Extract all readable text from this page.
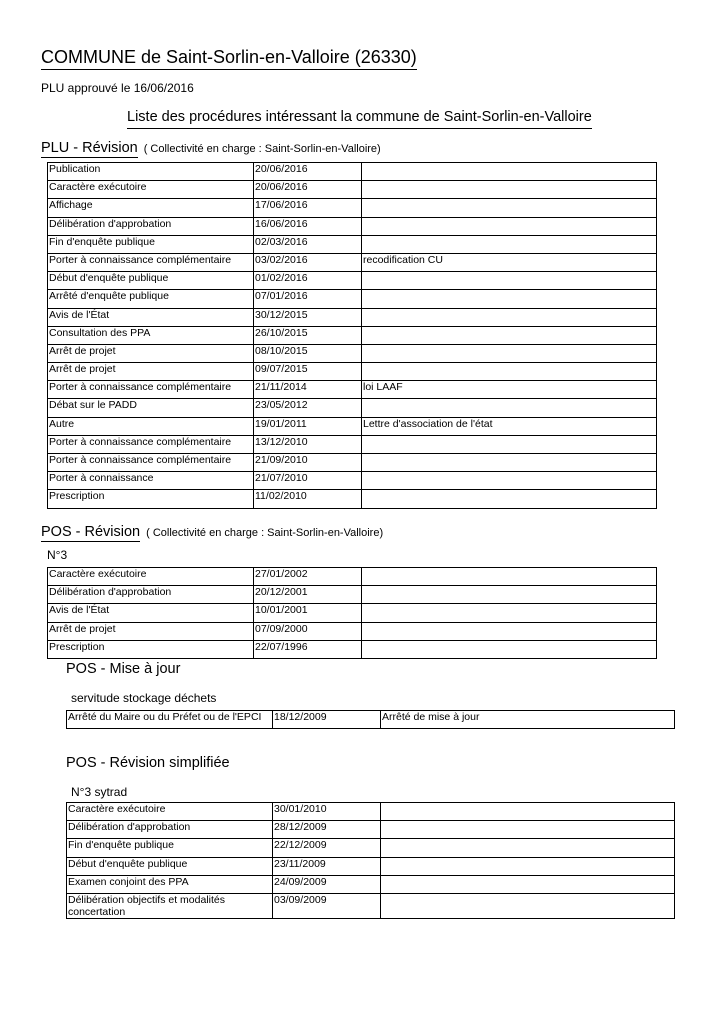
COMMUNE de Saint-Sorlin-en-Valloire (26330)
PLU approuvé le 16/06/2016
Liste des procédures intéressant la commune de Saint-Sorlin-en-Valloire
PLU - Révision ( Collectivité en charge : Saint-Sorlin-en-Valloire)
Publication	20/06/2016	
Caractère exécutoire	20/06/2016	
Affichage	17/06/2016	
Délibération d'approbation	16/06/2016	
Fin d'enquête publique	02/03/2016	
Porter à connaissance complémentaire	03/02/2016	recodification CU
Début d'enquête publique	01/02/2016	
Arrêté d'enquête publique	07/01/2016	
Avis de l'État	30/12/2015	
Consultation des PPA	26/10/2015	
Arrêt de projet	08/10/2015	
Arrêt de projet	09/07/2015	
Porter à connaissance complémentaire	21/11/2014	loi LAAF
Débat sur le PADD	23/05/2012	
Autre	19/01/2011	Lettre d'association de l'état
Porter à connaissance complémentaire	13/12/2010	
Porter à connaissance complémentaire	21/09/2010	
Porter à connaissance	21/07/2010	
Prescription	11/02/2010	
POS - Révision ( Collectivité en charge : Saint-Sorlin-en-Valloire)
N°3
Caractère exécutoire	27/01/2002	
Délibération d'approbation	20/12/2001	
Avis de l'État	10/01/2001	
Arrêt de projet	07/09/2000	
Prescription	22/07/1996	
POS - Mise à jour
servitude stockage déchets
Arrêté du Maire ou du Préfet ou de l'EPCI	18/12/2009	Arrêté de mise à jour
POS - Révision simplifiée
N°3 sytrad
Caractère exécutoire	30/01/2010	
Délibération d'approbation	28/12/2009	
Fin d'enquête publique	22/12/2009	
Début d'enquête publique	23/11/2009	
Examen conjoint des PPA	24/09/2009	
Délibération objectifs et modalités concertation	03/09/2009	
